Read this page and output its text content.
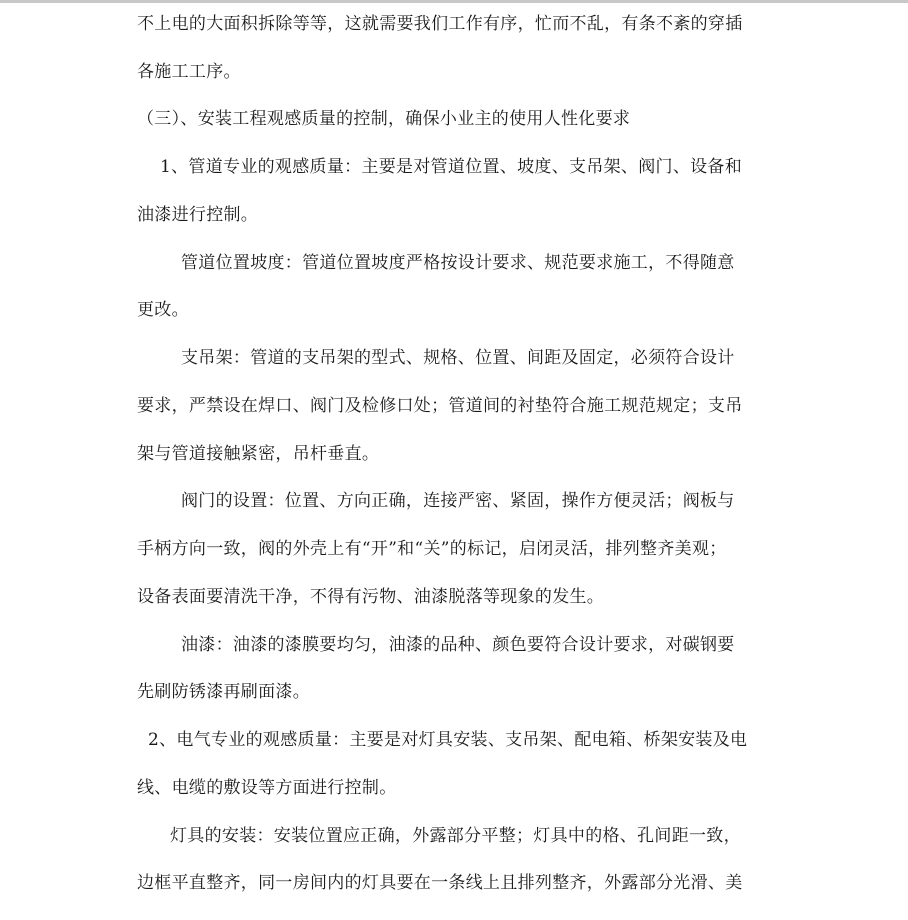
不上电的大面积拆除等等，这就需要我们工作有序，忙而不乱，有条不紊的穿插
各施工工序。
（三）、安装工程观感质量的控制，确保小业主的使用人性化要求
1、管道专业的观感质量：主要是对管道位置、坡度、支吊架、阀门、设备和
油漆进行控制。
管道位置坡度：管道位置坡度严格按设计要求、规范要求施工，不得随意
更改。
支吊架：管道的支吊架的型式、规格、位置、间距及固定，必须符合设计
要求，严禁设在焊口、阀门及检修口处；管道间的衬垫符合施工规范规定；支吊
架与管道接触紧密，吊杆垂直。
阀门的设置：位置、方向正确，连接严密、紧固，操作方便灵活；阀板与
手柄方向一致，阀的外壳上有“开”和“关”的标记，启闭灵活，排列整齐美观；
设备表面要清洗干净，不得有污物、油漆脱落等现象的发生。
油漆：油漆的漆膜要均匀，油漆的品种、颜色要符合设计要求，对碳钢要
先刷防锈漆再刷面漆。
2、电气专业的观感质量：主要是对灯具安装、支吊架、配电箱、桥架安装及电
线、电缆的敷设等方面进行控制。
灯具的安装：安装位置应正确，外露部分平整；灯具中的格、孔间距一致，
边框平直整齐，同一房间内的灯具要在一条线上且排列整齐，外露部分光滑、美
